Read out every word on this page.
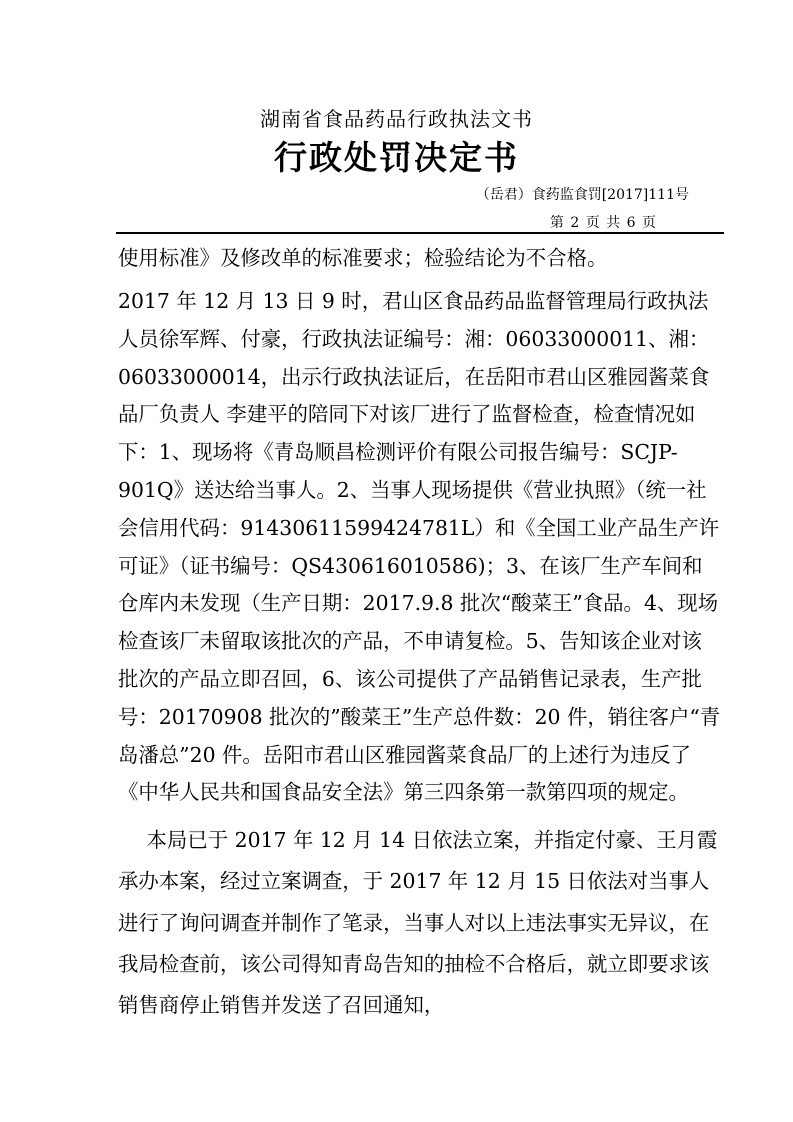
湖南省食品药品行政执法文书
行政处罚决定书
（岳君）食药监食罚[2017]111号
第 2 页 共 6 页

使用标准》及修改单的标准要求；检验结论为不合格。

2017 年 12 月 13 日 9 时，君山区食品药品监督管理局行政执法人员徐军辉、付豪，行政执法证编号：湘：06033000011、湘：06033000014，出示行政执法证后，在岳阳市君山区雅园酱菜食品厂负责人 李建平的陪同下对该厂进行了监督检查，检查情况如下：1、现场将《青岛顺昌检测评价有限公司报告编号：SCJP-901Q》送达给当事人。2、当事人现场提供《营业执照》（统一社会信用代码：91430611599424781L）和《全国工业产品生产许可证》（证书编号：QS430616010586)；3、在该厂生产车间和仓库内未发现（生产日期：2017.9.8 批次“酸菜王”食品。4、现场检查该厂未留取该批次的产品，不申请复检。5、告知该企业对该批次的产品立即召回，6、该公司提供了产品销售记录表，生产批号：20170908 批次的”酸菜王”生产总件数：20 件，销往客户“青岛潘总”20 件。岳阳市君山区雅园酱菜食品厂的上述行为违反了《中华人民共和国食品安全法》第三四条第一款第四项的规定。

本局已于 2017 年 12 月 14 日依法立案，并指定付豪、王月霞承办本案，经过立案调查，于 2017 年 12 月 15 日依法对当事人进行了询问调查并制作了笔录，当事人对以上违法事实无异议，在我局检查前，该公司得知青岛告知的抽检不合格后，就立即要求该销售商停止销售并发送了召回通知，
